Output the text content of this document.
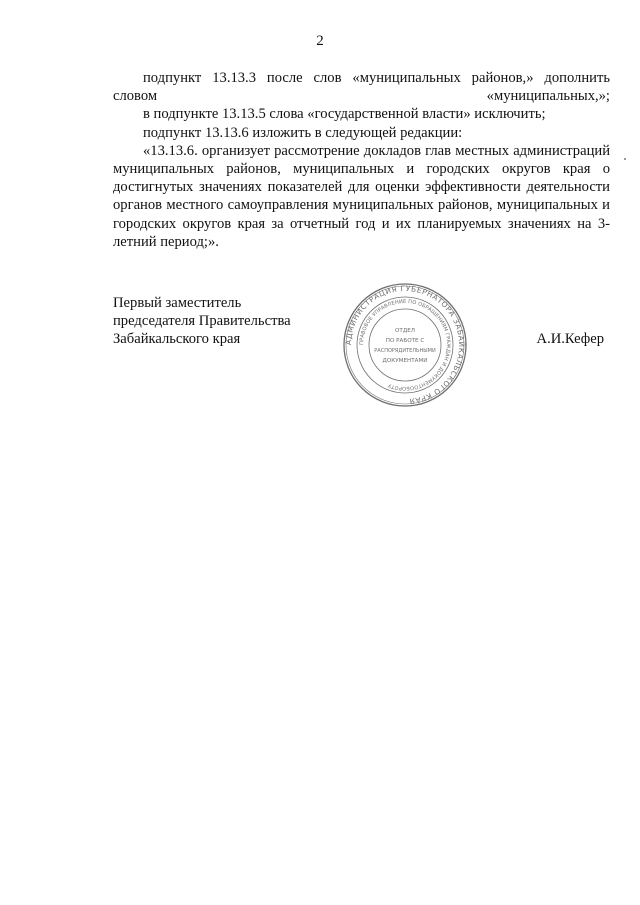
2

подпункт 13.13.3 после слов «муниципальных районов,» дополнить словом «муниципальных,»;

в подпункте 13.13.5 слова «государственной власти» исключить;

подпункт 13.13.6 изложить в следующей редакции:

«13.13.6. организует рассмотрение докладов глав местных администраций муниципальных районов, муниципальных и городских округов края о достигнутых значениях показателей для оценки эффективности деятельности органов местного самоуправления муниципальных районов, муниципальных и городских округов края за отчетный год и их планируемых значениях на 3-летний период;».

Первый заместитель
председателя Правительства
Забайкальского края	А.И.Кефер
АДМИНИСТРАЦИЯ ГУБЕРНАТОРА ЗАБАЙКАЛЬСКОГО КРАЯ
ПРАВОВОЕ УПРАВЛЕНИЕ ПО ОБРАЩЕНИЯМ ГРАЖДАН И ДОКУМЕНТООБОРОТУ
ОТДЕЛ
ПО РАБОТЕ С
РАСПОРЯДИТЕЛЬНЫМИ
ДОКУМЕНТАМИ
